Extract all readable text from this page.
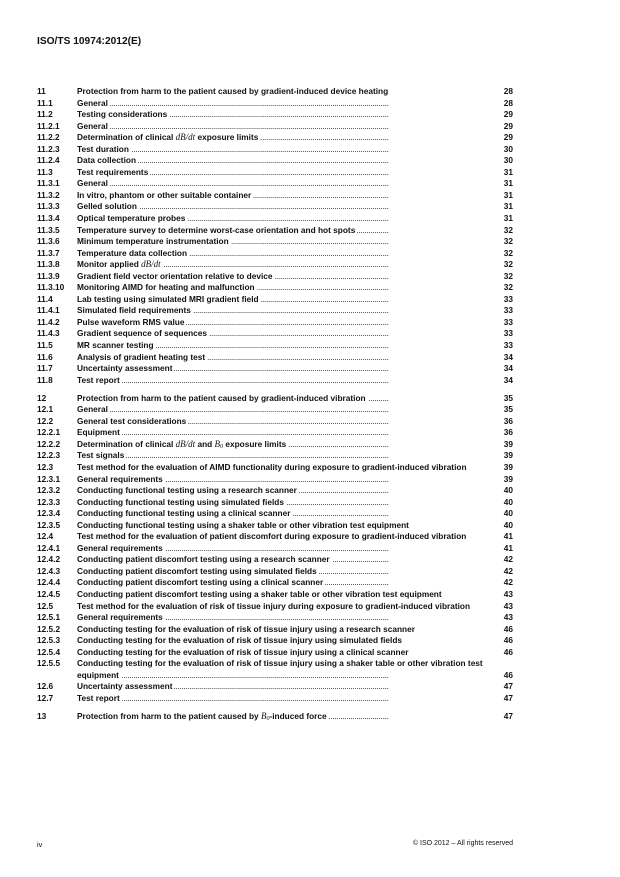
ISO/TS 10974:2012(E)
11	. . . Protection from harm to the patient caused by gradient-induced device heating	28
11.1	. . . General	28
11.2	. . . Testing considerations	29
11.2.1	. . . General	29
11.2.2	. . . Determination of clinical dB/dt exposure limits	29
11.2.3	. . . Test duration	30
11.2.4	. . . Data collection	30
11.3	. . . Test requirements	31
11.3.1	. . . General	31
11.3.2	. . . In vitro, phantom or other suitable container	31
11.3.3	. . . Gelled solution	31
11.3.4	. . . Optical temperature probes	31
11.3.5	. . . Temperature survey to determine worst-case orientation and hot spots	32
11.3.6	. . . Minimum temperature instrumentation	32
11.3.7	. . . Temperature data collection	32
11.3.8	. . . Monitor applied dB/dt	32
11.3.9	. . . Gradient field vector orientation relative to device	32
11.3.10	. . . Monitoring AIMD for heating and malfunction	32
11.4	. . . Lab testing using simulated MRI gradient field	33
11.4.1	. . . Simulated field requirements	33
11.4.2	. . . Pulse waveform RMS value	33
11.4.3	. . . Gradient sequence of sequences	33
11.5	. . . MR scanner testing	33
11.6	. . . Analysis of gradient heating test	34
11.7	. . . Uncertainty assessment	34
11.8	. . . Test report	34
12	. . . Protection from harm to the patient caused by gradient-induced vibration	35
12.1	. . . General	35
12.2	. . . General test considerations	36
12.2.1	. . . Equipment	36
12.2.2	. . . Determination of clinical dB/dt and $B_0$ exposure limits	39
12.2.3	. . . Test signals	39
12.3	. . . Test method for the evaluation of AIMD functionality during exposure to gradient-induced vibration	39
12.3.1	. . . General requirements	39
12.3.2	. . . Conducting functional testing using a research scanner	40
12.3.3	. . . Conducting functional testing using simulated fields	40
12.3.4	. . . Conducting functional testing using a clinical scanner	40
12.3.5	. . . Conducting functional testing using a shaker table or other vibration test equipment	40
12.4	. . . Test method for the evaluation of patient discomfort during exposure to gradient-induced vibration	41
12.4.1	. . . General requirements	41
12.4.2	. . . Conducting patient discomfort testing using a research scanner	42
12.4.3	. . . Conducting patient discomfort testing using simulated fields	42
12.4.4	. . . Conducting patient discomfort testing using a clinical scanner	42
12.4.5	. . . Conducting patient discomfort testing using a shaker table or other vibration test equipment	43
12.5	. . . Test method for the evaluation of risk of tissue injury during exposure to gradient-induced vibration	43
12.5.1	. . . General requirements	43
12.5.2	. . . Conducting testing for the evaluation of risk of tissue injury using a research scanner	46
12.5.3	. . . Conducting testing for the evaluation of risk of tissue injury using simulated fields	46
12.5.4	. . . Conducting testing for the evaluation of risk of tissue injury using a clinical scanner	46
12.5.5	. . . Conducting testing for the evaluation of risk of tissue injury using a shaker table or other vibration test equipment	46
12.6	. . . Uncertainty assessment	47
12.7	. . . Test report	47
13	. . . Protection from harm to the patient caused by $B_0$-induced force	47
iv	© ISO 2012 – All rights reserved
